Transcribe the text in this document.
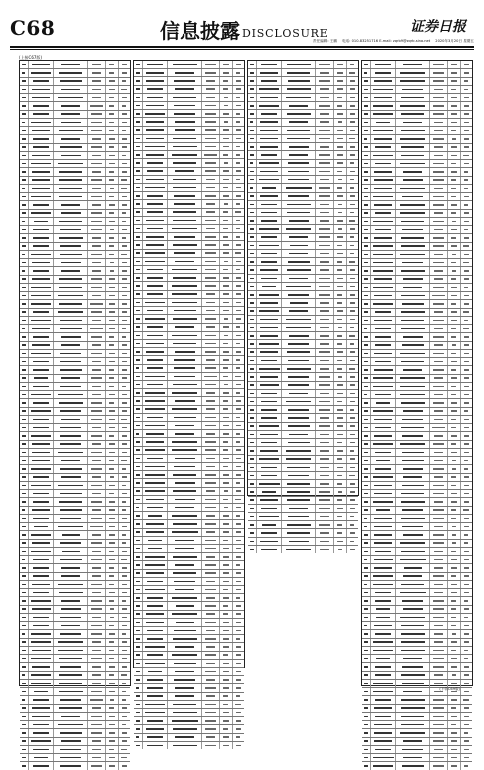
C68	信息披露 DISCLOSURE	证券日报
责任编辑: 王鹏 电话: 010-83251716 E-mail: zqrb9@zqrb.sina.net 2020年3月20日 星期五
(上接C67版)
(下转C69版)
